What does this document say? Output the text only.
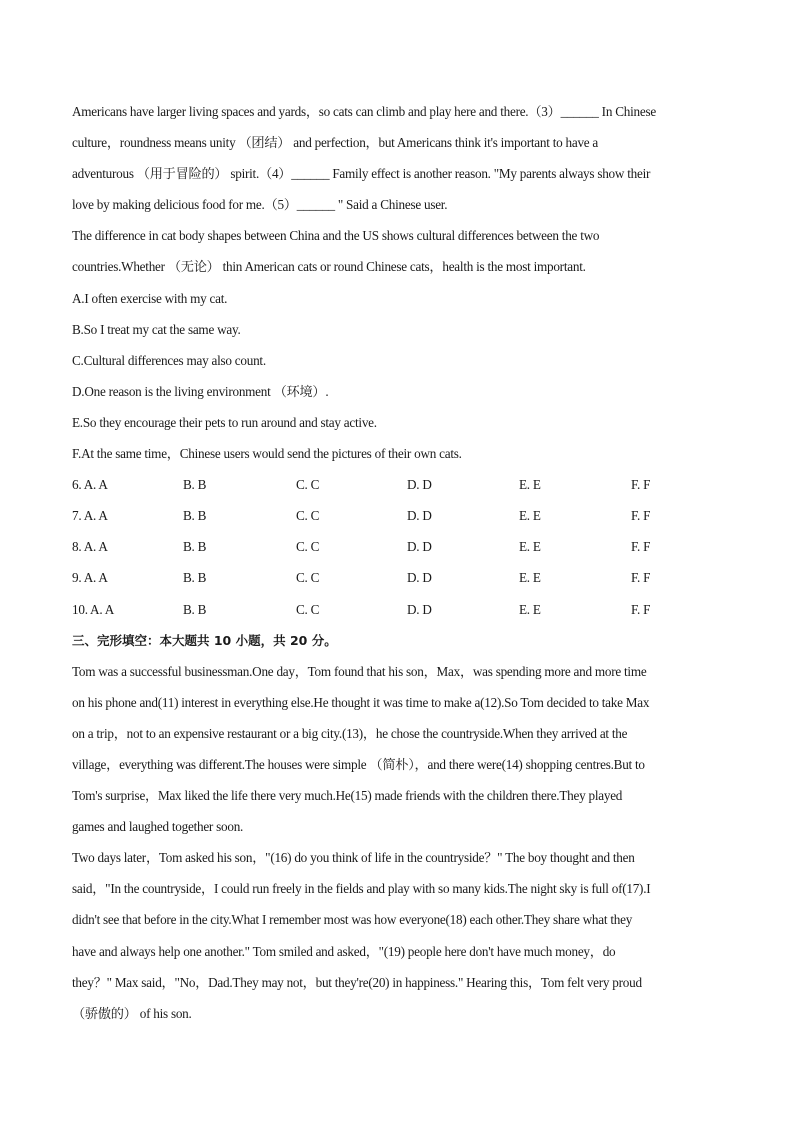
Americans have larger living spaces and yards，so cats can climb and play here and there.（3）______ In Chinese
culture，roundness means unity （团结） and perfection，but Americans think it's important to have a
adventurous （用于冒险的） spirit.（4）______ Family effect is another reason. "My parents always show their
love by making delicious food for me.（5）______ " Said a Chinese user.
The difference in cat body shapes between China and the US shows cultural differences between the two
countries.Whether （无论） thin American cats or round Chinese cats，health is the most important.
A.I often exercise with my cat.
B.So I treat my cat the same way.
C.Cultural differences may also count.
D.One reason is the living environment （环境）.
E.So they encourage their pets to run around and stay active.
F.At the same time，Chinese users would send the pictures of their own cats.
6. A. A	B. B	C. C	D. D	E. E	F. F
7. A. A	B. B	C. C	D. D	E. E	F. F
8. A. A	B. B	C. C	D. D	E. E	F. F
9. A. A	B. B	C. C	D. D	E. E	F. F
10. A. A	B. B	C. C	D. D	E. E	F. F
三、完形填空：本大题共 10 小题，共 20 分。
Tom was a successful businessman.One day，Tom found that his son，Max，was spending more and more time
on his phone and(11) interest in everything else.He thought it was time to make a(12).So Tom decided to take Max
on a trip，not to an expensive restaurant or a big city.(13)，he chose the countryside.When they arrived at the
village，everything was different.The houses were simple （简朴），and there were(14) shopping centres.But to
Tom's surprise，Max liked the life there very much.He(15) made friends with the children there.They played
games and laughed together soon.
Two days later，Tom asked his son，"(16) do you think of life in the countryside？" The boy thought and then
said，"In the countryside，I could run freely in the fields and play with so many kids.The night sky is full of(17).I
didn't see that before in the city.What I remember most was how everyone(18) each other.They share what they
have and always help one another." Tom smiled and asked，"(19) people here don't have much money，do
they？" Max said，"No，Dad.They may not，but they're(20) in happiness." Hearing this，Tom felt very proud
（骄傲的） of his son.
